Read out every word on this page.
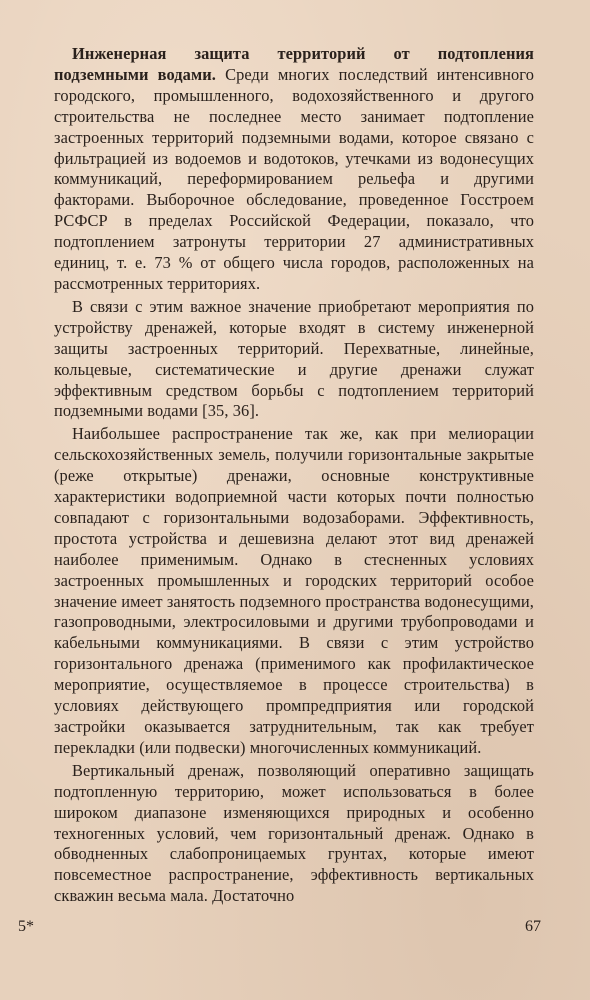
Инженерная защита территорий от подтопления подземными водами. Среди многих последствий интенсивного городского, промышленного, водохозяйственного и другого строительства не последнее место занимает подтопление застроенных территорий подземными водами, которое связано с фильтрацией из водоемов и водотоков, утечками из водонесущих коммуникаций, переформированием рельефа и другими факторами. Выборочное обследование, проведенное Госстроем РСФСР в пределах Российской Федерации, показало, что подтоплением затронуты территории 27 административных единиц, т. е. 73 % от общего числа городов, расположенных на рассмотренных территориях.

В связи с этим важное значение приобретают мероприятия по устройству дренажей, которые входят в систему инженерной защиты застроенных территорий. Перехватные, линейные, кольцевые, систематические и другие дренажи служат эффективным средством борьбы с подтоплением территорий подземными водами [35, 36].

Наибольшее распространение так же, как при мелиорации сельскохозяйственных земель, получили горизонтальные закрытые (реже открытые) дренажи, основные конструктивные характеристики водоприемной части которых почти полностью совпадают с горизонтальными водозаборами. Эффективность, простота устройства и дешевизна делают этот вид дренажей наиболее применимым. Однако в стесненных условиях застроенных промышленных и городских территорий особое значение имеет занятость подземного пространства водонесущими, газопроводными, электросиловыми и другими трубопроводами и кабельными коммуникациями. В связи с этим устройство горизонтального дренажа (применимого как профилактическое мероприятие, осуществляемое в процессе строительства) в условиях действующего промпредприятия или городской застройки оказывается затруднительным, так как требует перекладки (или подвески) многочисленных коммуникаций.

Вертикальный дренаж, позволяющий оперативно защищать подтопленную территорию, может использоваться в более широком диапазоне изменяющихся природных и особенно техногенных условий, чем горизонтальный дренаж. Однако в обводненных слабопроницаемых грунтах, которые имеют повсеместное распространение, эффективность вертикальных скважин весьма мала. Достаточно

5*	67
